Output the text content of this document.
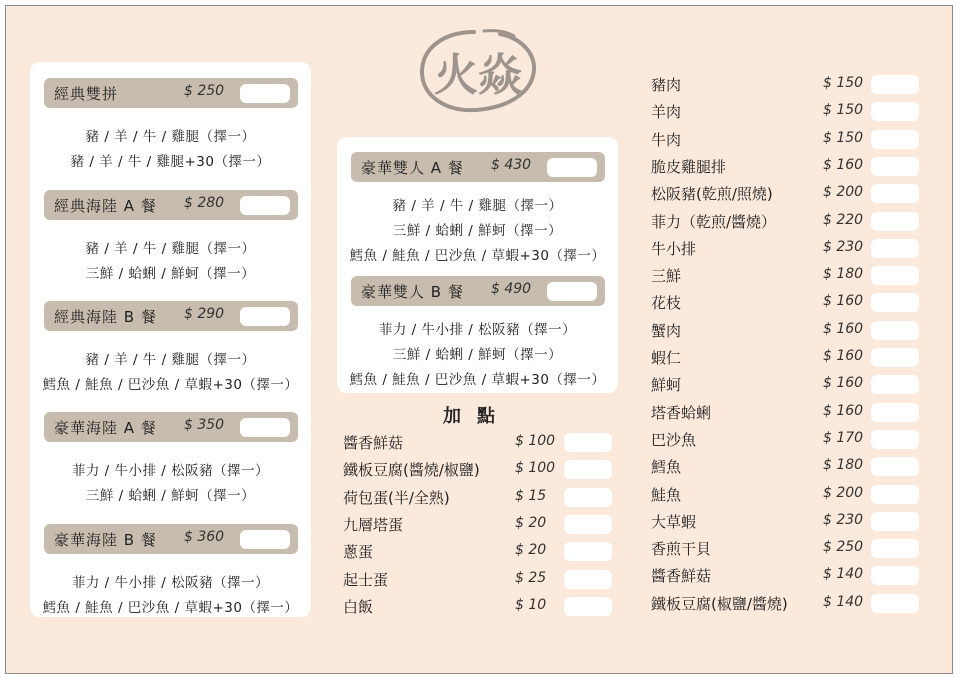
火焱
經典雙拼	$ 250
豬 / 羊 / 牛 / 雞腿（擇一）
豬 / 羊 / 牛 / 雞腿+30（擇一）
經典海陸 A 餐 $ 280
豬 / 羊 / 牛 / 雞腿（擇一）
三鮮 / 蛤蜊 / 鮮蚵（擇一）
經典海陸 B 餐 $ 290
豬 / 羊 / 牛 / 雞腿（擇一）
鱈魚 / 鮭魚 / 巴沙魚 / 草蝦+30（擇一）
豪華海陸 A 餐 $ 350
菲力 / 牛小排 / 松阪豬（擇一）
三鮮 / 蛤蜊 / 鮮蚵（擇一）
豪華海陸 B 餐 $ 360
菲力 / 牛小排 / 松阪豬（擇一）
鱈魚 / 鮭魚 / 巴沙魚 / 草蝦+30（擇一）
豪華雙人 A 餐 $ 430
豬 / 羊 / 牛 / 雞腿（擇一）
三鮮 / 蛤蜊 / 鮮蚵（擇一）
鱈魚 / 鮭魚 / 巴沙魚 / 草蝦+30（擇一）
豪華雙人 B 餐 $ 490
菲力 / 牛小排 / 松阪豬（擇一）
三鮮 / 蛤蜊 / 鮮蚵（擇一）
鱈魚 / 鮭魚 / 巴沙魚 / 草蝦+30（擇一）
加點
醬香鮮菇	$ 100
鐵板豆腐(醬燒/椒鹽)	$ 100
荷包蛋(半/全熟)	$ 15
九層塔蛋	$ 20
蔥蛋	$ 20
起士蛋	$ 25
白飯	$ 10
豬肉	$ 150
羊肉	$ 150
牛肉	$ 150
脆皮雞腿排	$ 160
松阪豬(乾煎/照燒)	$ 200
菲力（乾煎/醬燒）	$ 220
牛小排	$ 230
三鮮	$ 180
花枝	$ 160
蟹肉	$ 160
蝦仁	$ 160
鮮蚵	$ 160
塔香蛤蜊	$ 160
巴沙魚	$ 170
鱈魚	$ 180
鮭魚	$ 200
大草蝦	$ 230
香煎干貝	$ 250
醬香鮮菇	$ 140
鐵板豆腐(椒鹽/醬燒)	$ 140
